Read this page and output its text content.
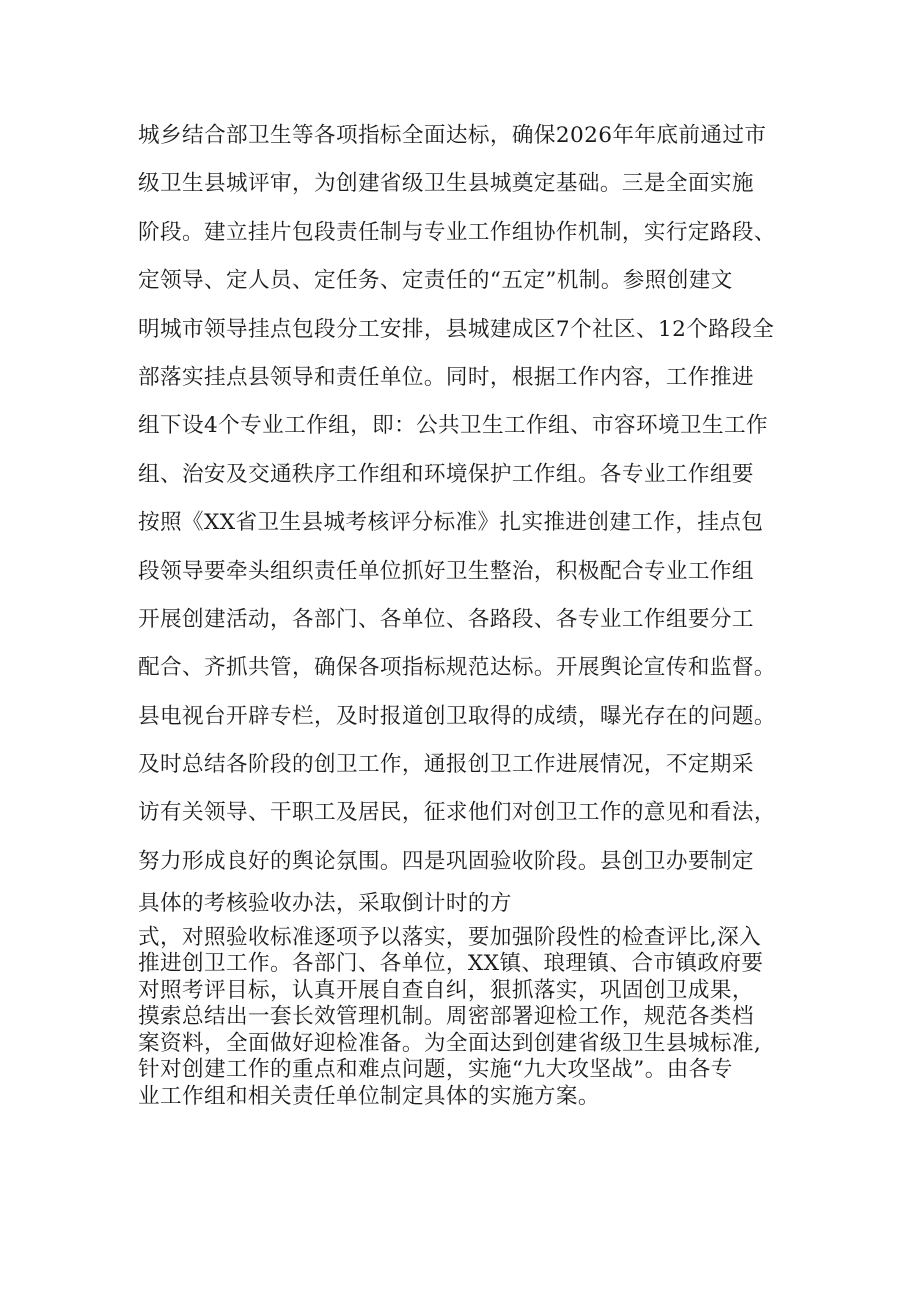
城乡结合部卫生等各项指标全面达标，确保2026年年底前通过市
级卫生县城评审，为创建省级卫生县城奠定基础。三是全面实施
阶段。建立挂片包段责任制与专业工作组协作机制，实行定路段、
定领导、定人员、定任务、定责任的“五定”机制。参照创建文
明城市领导挂点包段分工安排，县城建成区7个社区、12个路段全
部落实挂点县领导和责任单位。同时，根据工作内容，工作推进
组下设4个专业工作组，即：公共卫生工作组、市容环境卫生工作
组、治安及交通秩序工作组和环境保护工作组。各专业工作组要
按照《XX省卫生县城考核评分标准》扎实推进创建工作，挂点包
段领导要牵头组织责任单位抓好卫生整治，积极配合专业工作组
开展创建活动，各部门、各单位、各路段、各专业工作组要分工
配合、齐抓共管，确保各项指标规范达标。开展舆论宣传和监督。
县电视台开辟专栏，及时报道创卫取得的成绩，曝光存在的问题。
及时总结各阶段的创卫工作，通报创卫工作进展情况，不定期采
访有关领导、干职工及居民，征求他们对创卫工作的意见和看法，
努力形成良好的舆论氛围。四是巩固验收阶段。县创卫办要制定
具体的考核验收办法，采取倒计时的方
式，对照验收标准逐项予以落实，要加强阶段性的检查评比,深入
推进创卫工作。各部门、各单位，XX镇、琅理镇、合市镇政府要
对照考评目标，认真开展自查自纠，狠抓落实，巩固创卫成果，
摸索总结出一套长效管理机制。周密部署迎检工作，规范各类档
案资料，全面做好迎检准备。为全面达到创建省级卫生县城标准,
针对创建工作的重点和难点问题，实施“九大攻坚战”。由各专
业工作组和相关责任单位制定具体的实施方案。
